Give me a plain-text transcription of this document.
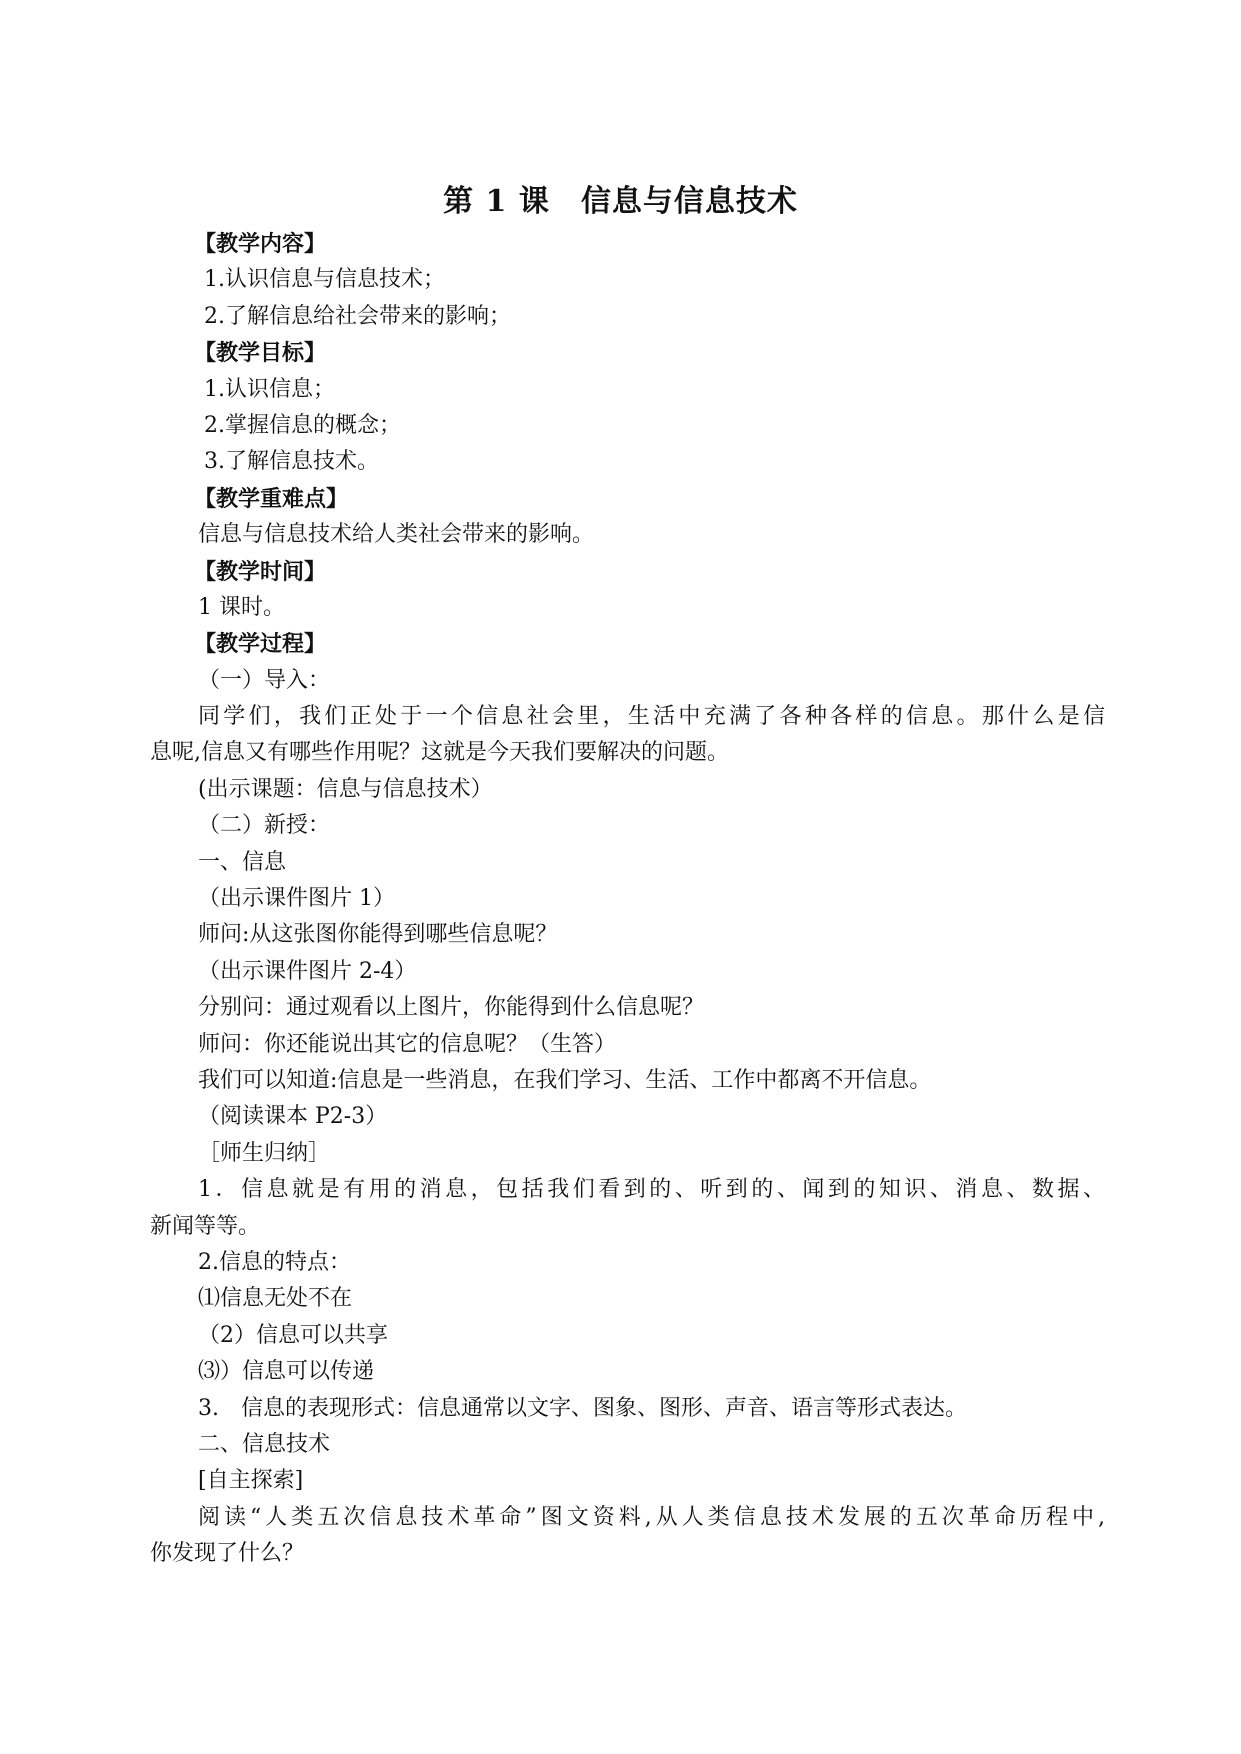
第 1 课　信息与信息技术
【教学内容】
1.认识信息与信息技术；
2.了解信息给社会带来的影响；
【教学目标】
1.认识信息；
2.掌握信息的概念；
3.了解信息技术。
【教学重难点】
信息与信息技术给人类社会带来的影响。
【教学时间】
1 课时。
【教学过程】
（一）导入：
同学们，我们正处于一个信息社会里，生活中充满了各种各样的信息。那什么是信
息呢,信息又有哪些作用呢？这就是今天我们要解决的问题。
(出示课题：信息与信息技术）
（二）新授：
一、信息
（出示课件图片 1）
师问:从这张图你能得到哪些信息呢？
（出示课件图片 2-4）
分别问：通过观看以上图片，你能得到什么信息呢？
师问：你还能说出其它的信息呢？（生答）
我们可以知道:信息是一些消息，在我们学习、生活、工作中都离不开信息。
（阅读课本 P2-3）
［师生归纳］
1．信息就是有用的消息，包括我们看到的、听到的、闻到的知识、消息、数据、
新闻等等。
2.信息的特点：
⑴信息无处不在
（2）信息可以共享
⑶）信息可以传递
3.　信息的表现形式：信息通常以文字、图象、图形、声音、语言等形式表达。
二、信息技术
[自主探索]
阅读“人类五次信息技术革命”图文资料,从人类信息技术发展的五次革命历程中,
你发现了什么？
